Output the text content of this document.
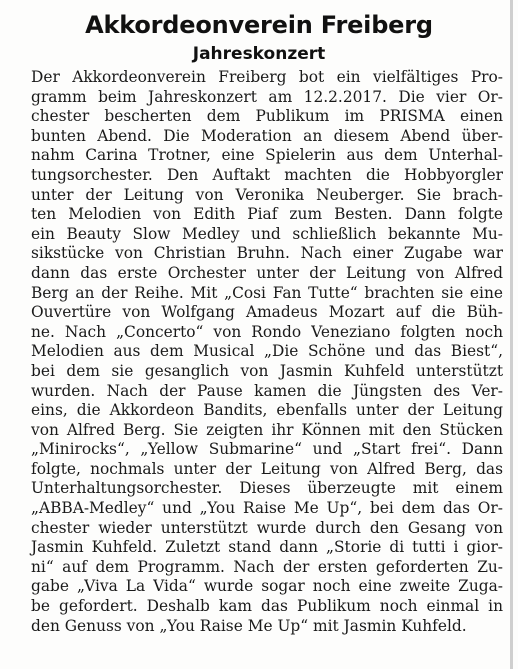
Akkordeonverein Freiberg
Jahreskonzert
Der Akkordeonverein Freiberg bot ein vielfältiges Pro-
gramm beim Jahreskonzert am 12.2.2017. Die vier Or-
chester bescherten dem Publikum im PRISMA einen
bunten Abend. Die Moderation an diesem Abend über-
nahm Carina Trotner, eine Spielerin aus dem Unterhal-
tungsorchester. Den Auftakt machten die Hobbyorgler
unter der Leitung von Veronika Neuberger. Sie brach-
ten Melodien von Edith Piaf zum Besten. Dann folgte
ein Beauty Slow Medley und schließlich bekannte Mu-
sikstücke von Christian Bruhn. Nach einer Zugabe war
dann das erste Orchester unter der Leitung von Alfred
Berg an der Reihe. Mit „Cosi Fan Tutte“ brachten sie eine
Ouvertüre von Wolfgang Amadeus Mozart auf die Büh-
ne. Nach „Concerto“ von Rondo Veneziano folgten noch
Melodien aus dem Musical „Die Schöne und das Biest“,
bei dem sie gesanglich von Jasmin Kuhfeld unterstützt
wurden. Nach der Pause kamen die Jüngsten des Ver-
eins, die Akkordeon Bandits, ebenfalls unter der Leitung
von Alfred Berg. Sie zeigten ihr Können mit den Stücken
„Minirocks“, „Yellow Submarine“ und „Start frei“. Dann
folgte, nochmals unter der Leitung von Alfred Berg, das
Unterhaltungsorchester. Dieses überzeugte mit einem
„ABBA-Medley“ und „You Raise Me Up“, bei dem das Or-
chester wieder unterstützt wurde durch den Gesang von
Jasmin Kuhfeld. Zuletzt stand dann „Storie di tutti i gior-
ni“ auf dem Programm. Nach der ersten geforderten Zu-
gabe „Viva La Vida“ wurde sogar noch eine zweite Zuga-
be gefordert. Deshalb kam das Publikum noch einmal in
den Genuss von „You Raise Me Up“ mit Jasmin Kuhfeld.
